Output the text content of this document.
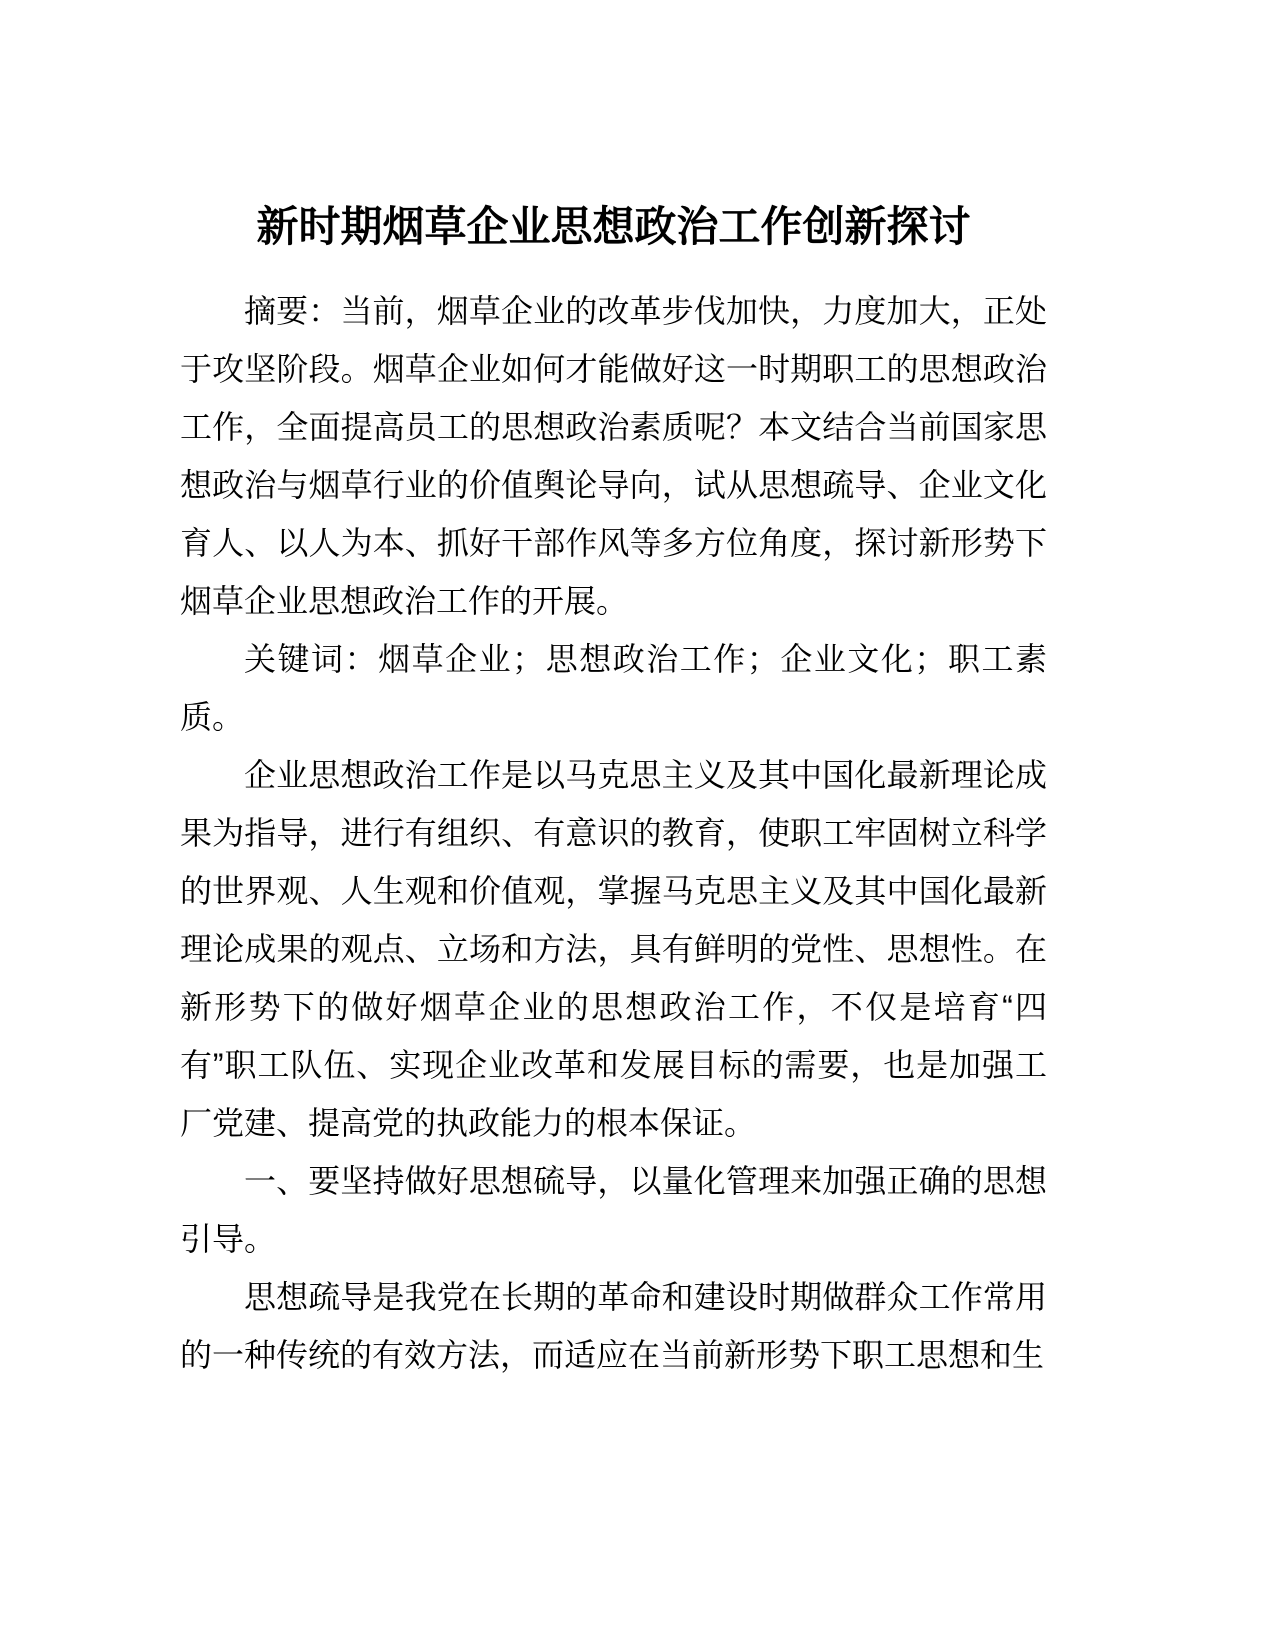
新时期烟草企业思想政治工作创新探讨

摘要：当前，烟草企业的改革步伐加快，力度加大，正处于攻坚阶段。烟草企业如何才能做好这一时期职工的思想政治工作，全面提高员工的思想政治素质呢？本文结合当前国家思想政治与烟草行业的价值舆论导向，试从思想疏导、企业文化育人、以人为本、抓好干部作风等多方位角度，探讨新形势下烟草企业思想政治工作的开展。

关键词：烟草企业；思想政治工作；企业文化；职工素质。

企业思想政治工作是以马克思主义及其中国化最新理论成果为指导，进行有组织、有意识的教育，使职工牢固树立科学的世界观、人生观和价值观，掌握马克思主义及其中国化最新理论成果的观点、立场和方法，具有鲜明的党性、思想性。在新形势下的做好烟草企业的思想政治工作，不仅是培育“四有”职工队伍、实现企业改革和发展目标的需要，也是加强工厂党建、提高党的执政能力的根本保证。

一、要坚持做好思想硫导，以量化管理来加强正确的思想引导。

思想疏导是我党在长期的革命和建设时期做群众工作常用的一种传统的有效方法，而适应在当前新形势下职工思想和生
